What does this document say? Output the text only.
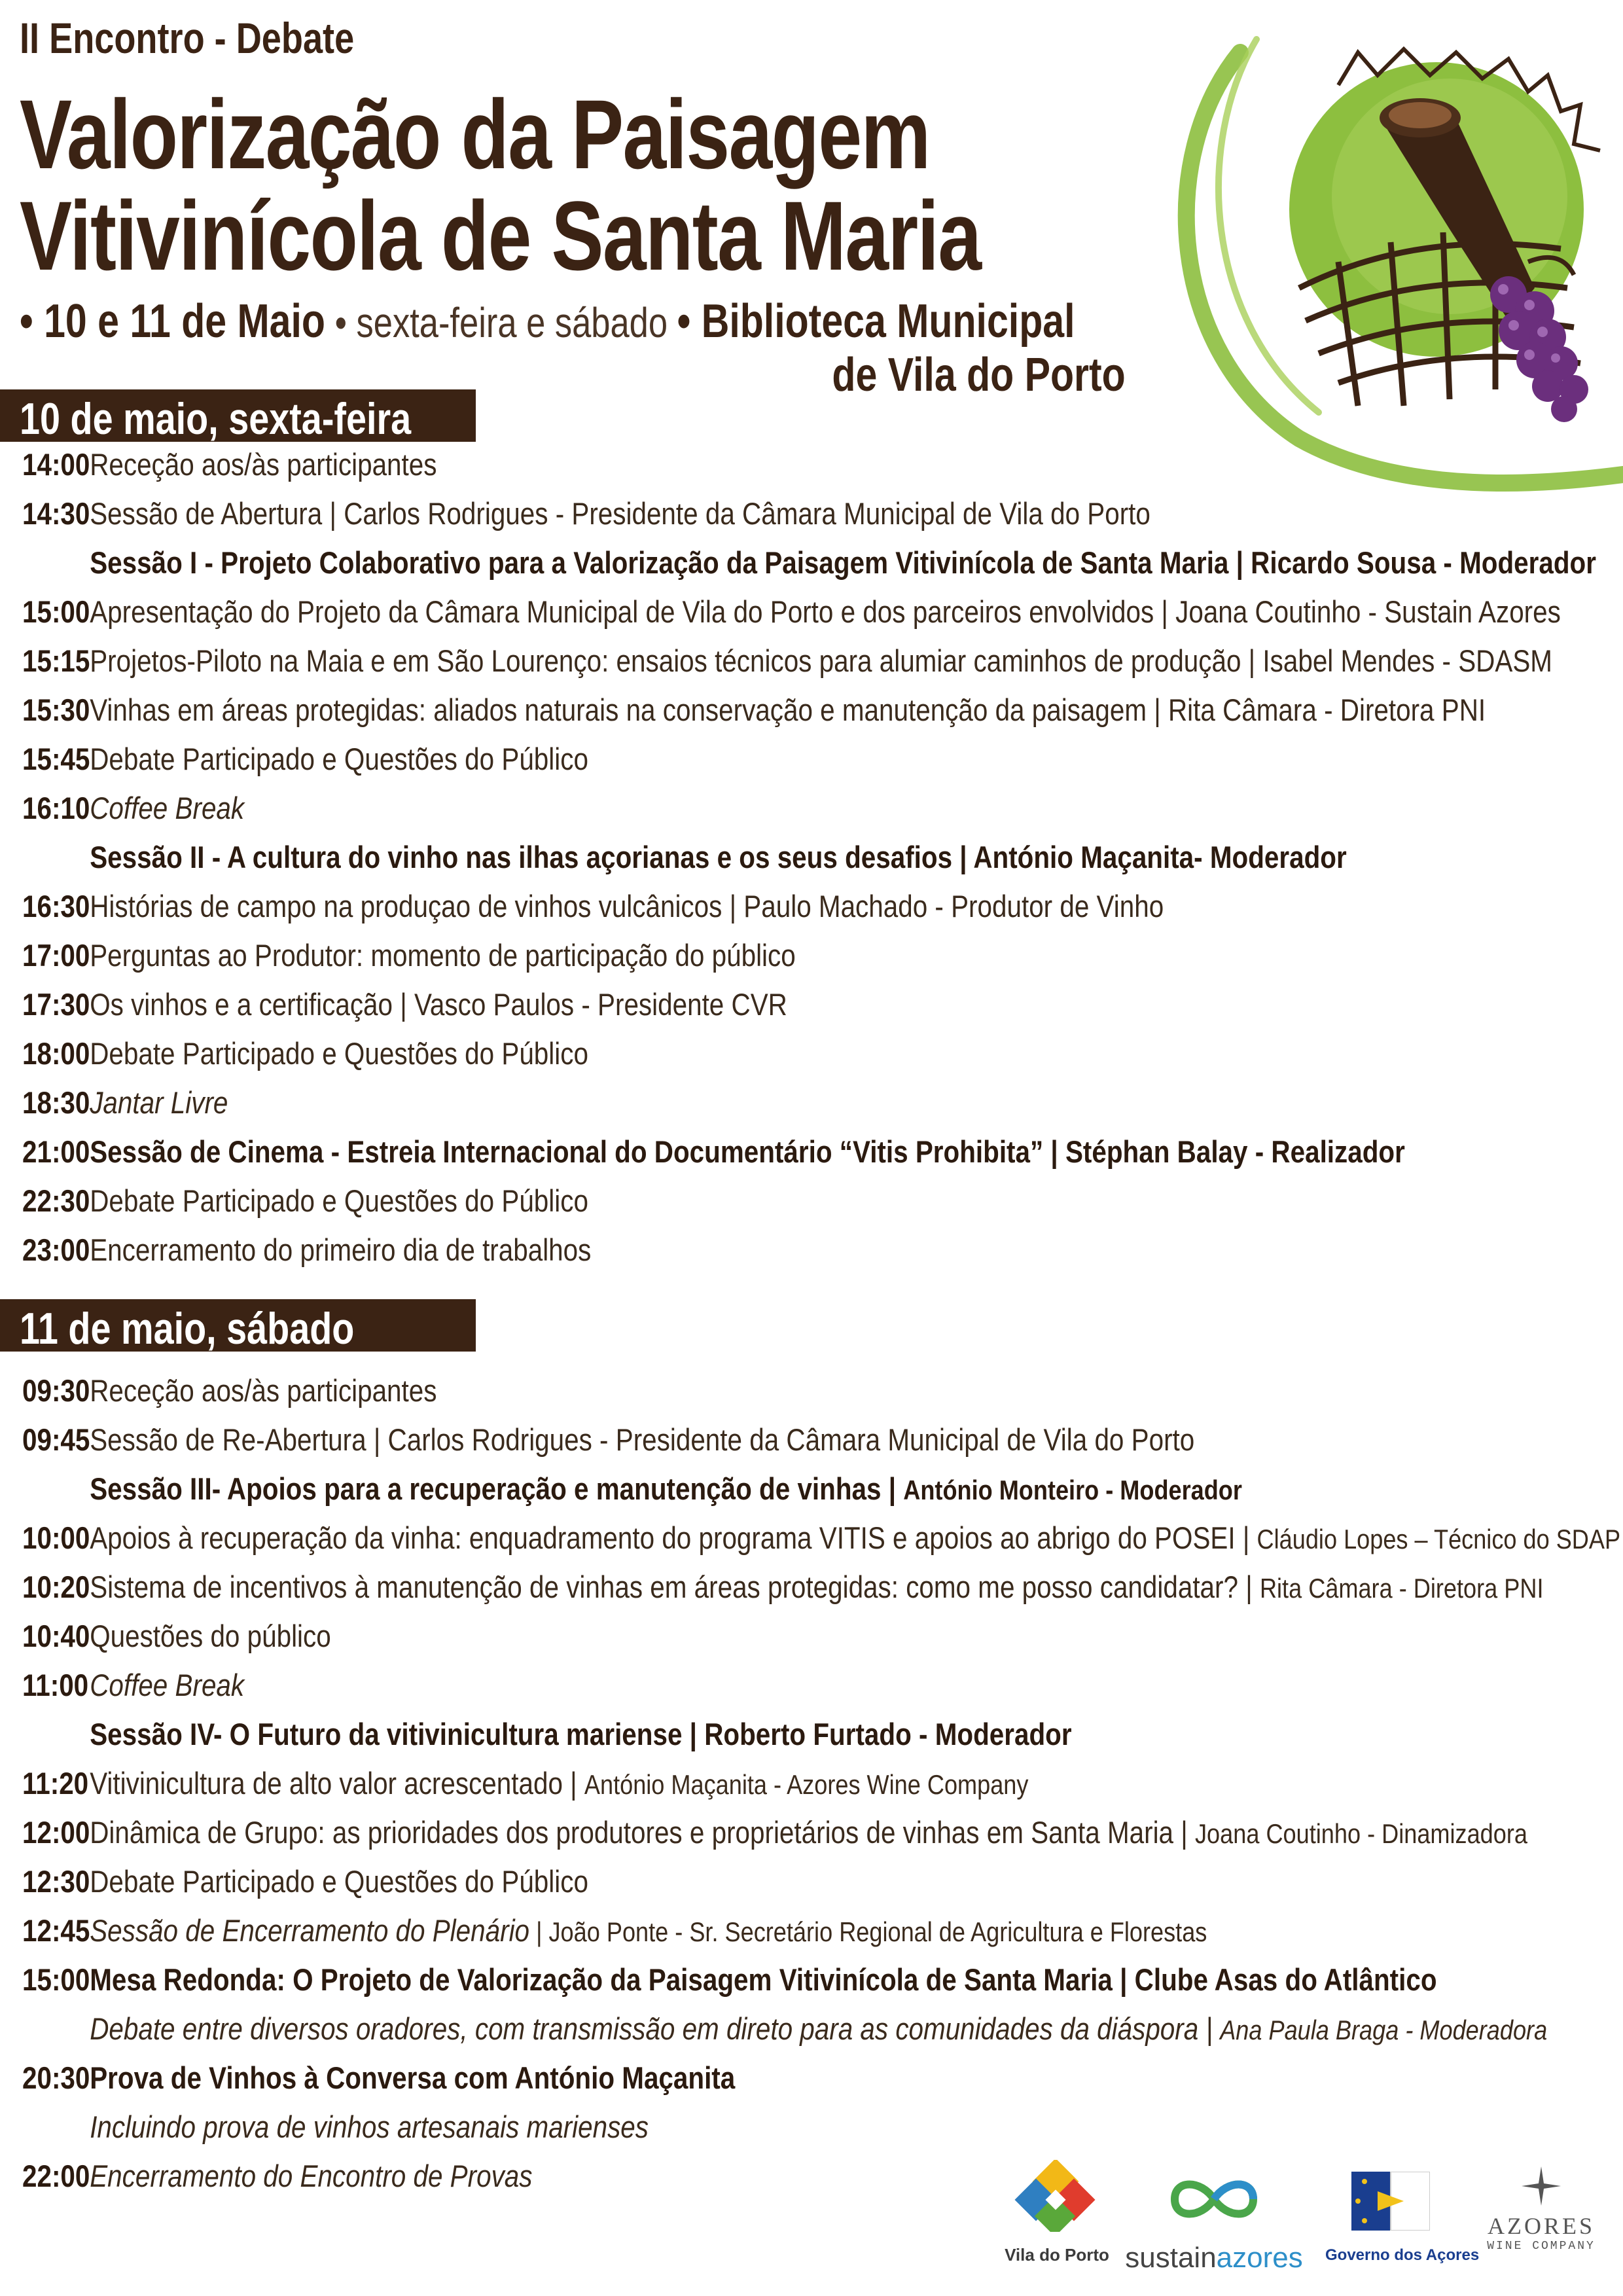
II Encontro - Debate
Valorização da Paisagem
Vitivinícola de Santa Maria
• 10 e 11 de Maio • sexta-feira e sábado • Biblioteca Municipal
de Vila do Porto
10 de maio, sexta-feira
14:00Receção aos/às participantes
14:30Sessão de Abertura | Carlos Rodrigues - Presidente da Câmara Municipal de Vila do Porto
Sessão I - Projeto Colaborativo para a Valorização da Paisagem Vitivinícola de Santa Maria | Ricardo Sousa - Moderador
15:00Apresentação do Projeto da Câmara Municipal de Vila do Porto e dos parceiros envolvidos | Joana Coutinho - Sustain Azores
15:15Projetos-Piloto na Maia e em São Lourenço: ensaios técnicos para alumiar caminhos de produção | Isabel Mendes - SDASM
15:30Vinhas em áreas protegidas: aliados naturais na conservação e manutenção da paisagem | Rita Câmara - Diretora PNI
15:45Debate Participado e Questões do Público
16:10Coffee Break
Sessão II - A cultura do vinho nas ilhas açorianas e os seus desafios | António Maçanita- Moderador
16:30Histórias de campo na produçao de vinhos vulcânicos | Paulo Machado - Produtor de Vinho
17:00Perguntas ao Produtor: momento de participação do público
17:30Os vinhos e a certificação | Vasco Paulos - Presidente CVR
18:00Debate Participado e Questões do Público
18:30Jantar Livre
21:00Sessão de Cinema - Estreia Internacional do Documentário “Vitis Prohibita” | Stéphan Balay - Realizador
22:30Debate Participado e Questões do Público
23:00Encerramento do primeiro dia de trabalhos
11 de maio, sábado
09:30Receção aos/às participantes
09:45Sessão de Re-Abertura | Carlos Rodrigues - Presidente da Câmara Municipal de Vila do Porto
Sessão III- Apoios para a recuperação e manutenção de vinhas | António Monteiro - Moderador
10:00Apoios à recuperação da vinha: enquadramento do programa VITIS e apoios ao abrigo do POSEI | Cláudio Lopes – Técnico do SDAP
10:20Sistema de incentivos à manutenção de vinhas em áreas protegidas: como me posso candidatar? | Rita Câmara - Diretora PNI
10:40Questões do público
11:00Coffee Break
Sessão IV- O Futuro da vitivinicultura mariense | Roberto Furtado - Moderador
11:20Vitivinicultura de alto valor acrescentado | António Maçanita - Azores Wine Company
12:00Dinâmica de Grupo: as prioridades dos produtores e proprietários de vinhas em Santa Maria | Joana Coutinho - Dinamizadora
12:30Debate Participado e Questões do Público
12:45Sessão de Encerramento do Plenário | João Ponte - Sr. Secretário Regional de Agricultura e Florestas
15:00Mesa Redonda: O Projeto de Valorização da Paisagem Vitivinícola de Santa Maria | Clube Asas do Atlântico
Debate entre diversos oradores, com transmissão em direto para as comunidades da diáspora | Ana Paula Braga - Moderadora
20:30Prova de Vinhos à Conversa com António Maçanita
Incluindo prova de vinhos artesanais marienses
22:00Encerramento do Encontro de Provas
Vila do Porto sustainazores Governo dos Açores
AZORES
WINE COMPANY
